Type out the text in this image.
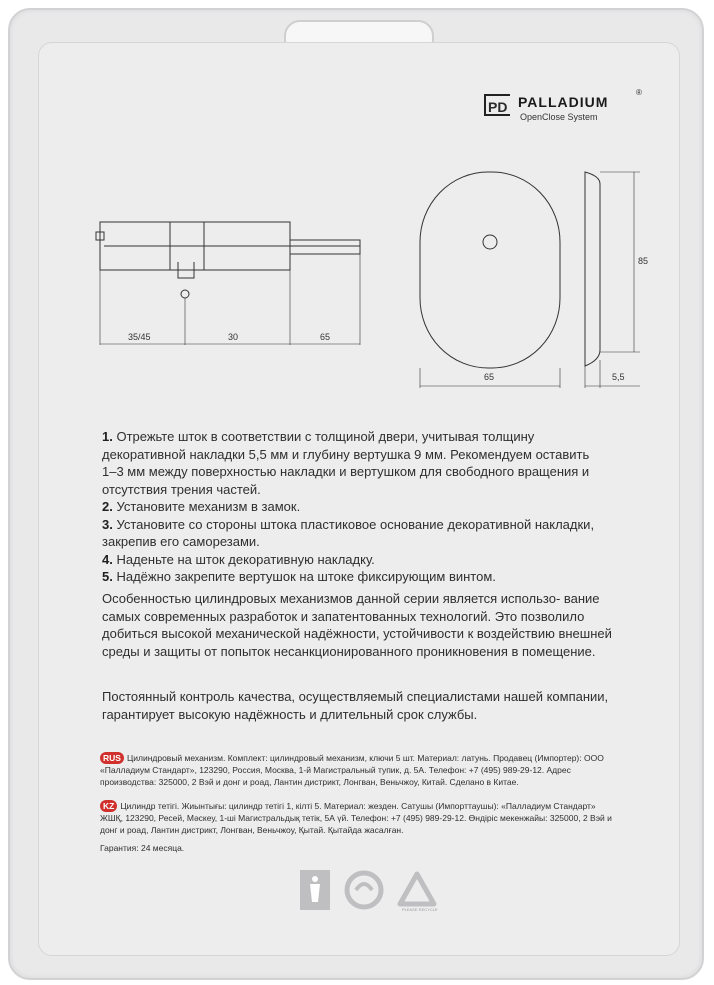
PD PALLADIUM
OpenClose System
®
35/45	30	65
65
85
5,5

1. Отрежьте шток в соответствии с толщиной двери, учитывая толщину декоративной накладки 5,5 мм и глубину вертушка 9 мм. Рекомендуем оставить 1–3 мм между поверхностью накладки и вертушком для свободного вращения и отсутствия трения частей.

2. Установите механизм в замок.

3. Установите со стороны штока пластиковое основание декоративной накладки, закрепив его саморезами.

4. Наденьте на шток декоративную накладку.

5. Надёжно закрепите вертушок на штоке фиксирующим винтом.

Особенностью цилиндровых механизмов данной серии является использо- вание самых современных разработок и запатентованных технологий. Это позволило добиться высокой механической надёжности, устойчивости к воздействию внешней среды и защиты от попыток несанкционированного проникновения в помещение.

Постоянный контроль качества, осуществляемый специалистами нашей компании, гарантирует высокую надёжность и длительный срок службы.

RUS Цилиндровый механизм. Комплект: цилиндровый механизм, ключи 5 шт. Материал: латунь. Продавец (Импортер): ООО «Палладиум Стандарт», 123290, Россия, Москва, 1-й Магистральный тупик, д. 5А. Телефон: +7 (495) 989-29-12. Адрес производства: 325000, 2 Вэй и донг и роад, Лантин дистрикт, Лонгван, Веньчжоу, Китай. Сделано в Китае.

KZ Цилиндр тетігі. Жиынтығы: цилиндр тетігі 1, кілті 5. Материал: жезден. Сатушы (Импорттаушы): «Палладиум Стандарт» ЖШҚ, 123290, Ресей, Мәскеу, 1-ші Магистральдық тетік, 5А үй. Телефон: +7 (495) 989-29-12. Өндіріс мекенжайы: 325000, 2 Вэй и донг и роад, Лантин дистрикт, Лонгван, Веньчжоу, Қытай. Қытайда жасалған.

Гарантия: 24 месяца.

PLEASE RECYCLE
